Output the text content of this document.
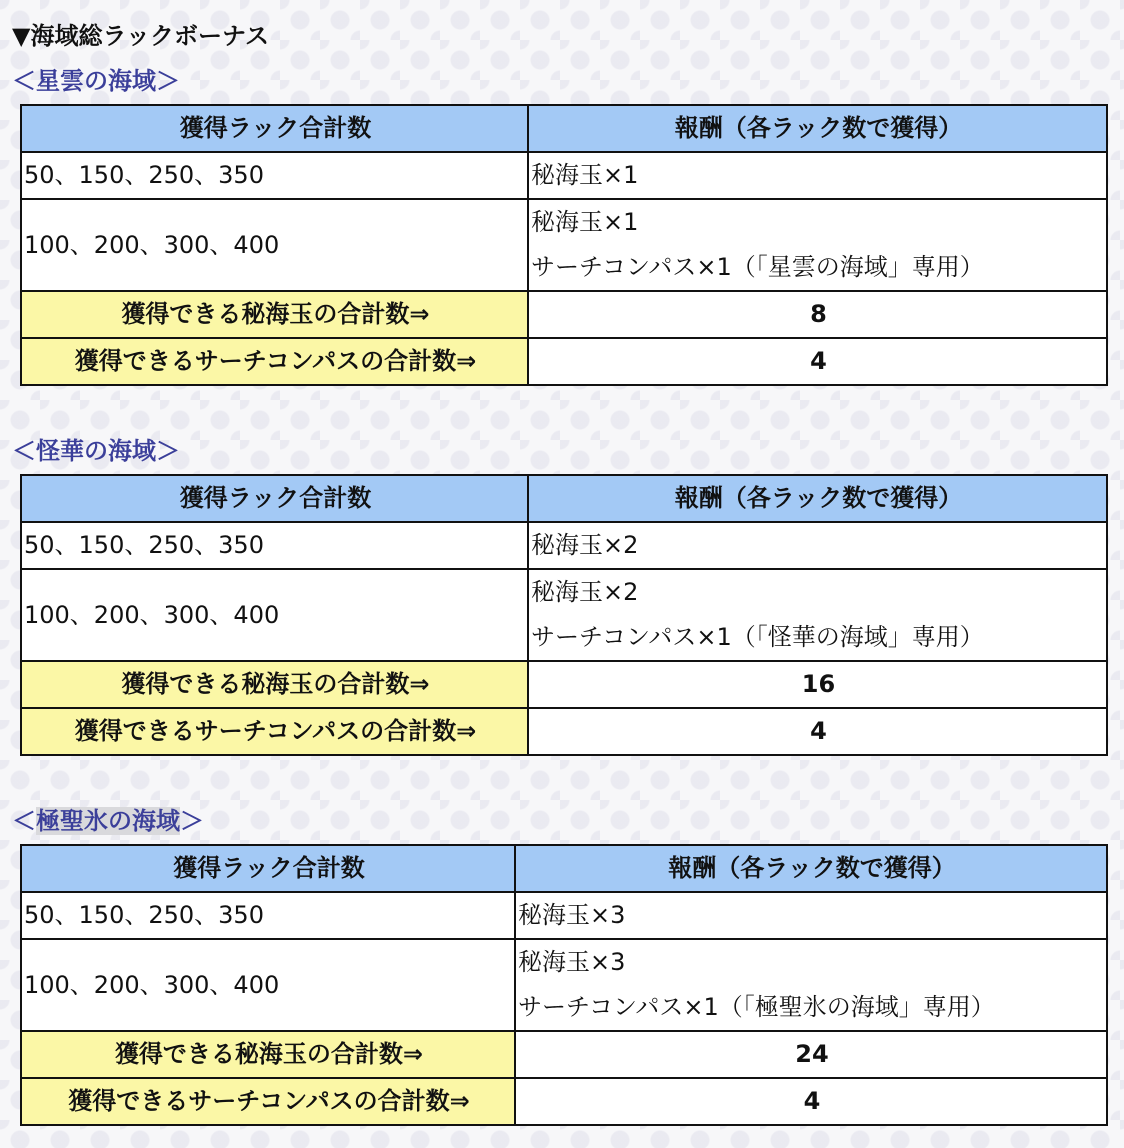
▼海域総ラックボーナス
＜星雲の海域＞
獲得ラック合計数	報酬（各ラック数で獲得）
50、150、250、350	秘海玉×1

100、200、300、400	秘海玉×1
サーチコンパス×1（「星雲の海域」専用）

獲得できる秘海玉の合計数⇒	8
獲得できるサーチコンパスの合計数⇒	4
＜怪華の海域＞
獲得ラック合計数	報酬（各ラック数で獲得）
50、150、250、350	秘海玉×2

100、200、300、400	秘海玉×2
サーチコンパス×1（「怪華の海域」専用）

獲得できる秘海玉の合計数⇒	16
獲得できるサーチコンパスの合計数⇒	4
＜極聖氷の海域＞
獲得ラック合計数	報酬（各ラック数で獲得）
50、150、250、350	秘海玉×3

100、200、300、400	秘海玉×3
サーチコンパス×1（「極聖氷の海域」専用）

獲得できる秘海玉の合計数⇒	24
獲得できるサーチコンパスの合計数⇒	4
